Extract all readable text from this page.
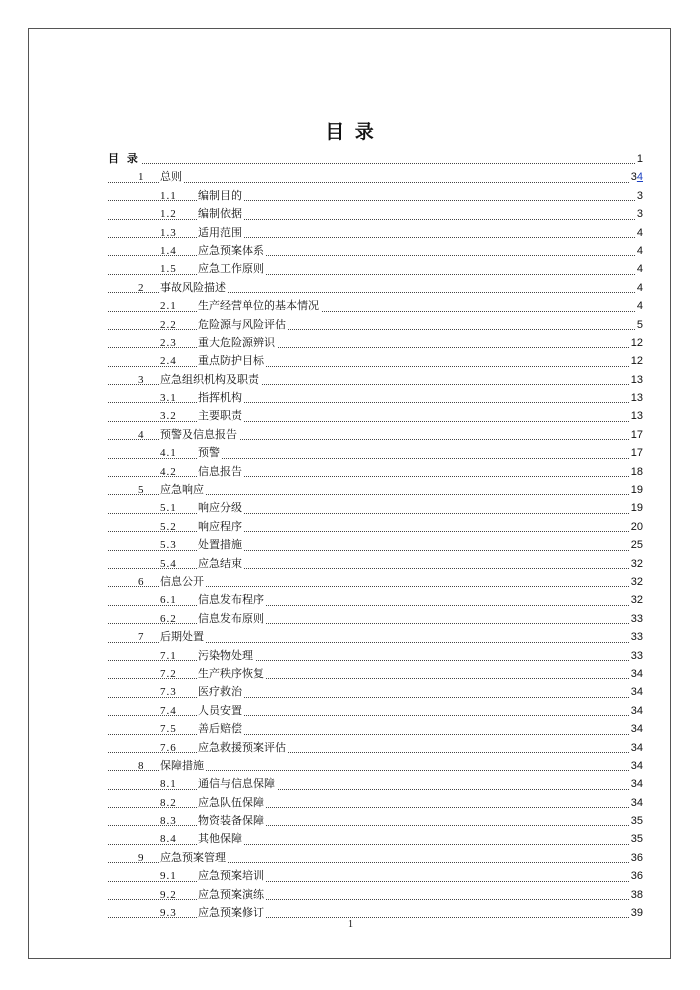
目 录
目 录	1
1 总则	34
1.1 编制目的	3
1.2 编制依据	3
1.3 适用范围	4
1.4 应急预案体系	4
1.5 应急工作原则	4
2 事故风险描述	4
2.1 生产经营单位的基本情况	4
2.2 危险源与风险评估	5
2.3 重大危险源辨识	12
2.4 重点防护目标	12
3 应急组织机构及职责	13
3.1 指挥机构	13
3.2 主要职责	13
4 预警及信息报告	17
4.1 预警	17
4.2 信息报告	18
5 应急响应	19
5.1 响应分级	19
5.2 响应程序	20
5.3 处置措施	25
5.4 应急结束	32
6 信息公开	32
6.1 信息发布程序	32
6.2 信息发布原则	33
7 后期处置	33
7.1 污染物处理	33
7.2 生产秩序恢复	34
7.3 医疗救治	34
7.4 人员安置	34
7.5 善后赔偿	34
7.6 应急救援预案评估	34
8 保障措施	34
8.1 通信与信息保障	34
8.2 应急队伍保障	34
8.3 物资装备保障	35
8.4 其他保障	35
9 应急预案管理	36
9.1 应急预案培训	36
9.2 应急预案演练	38
9.3 应急预案修订	39
1
